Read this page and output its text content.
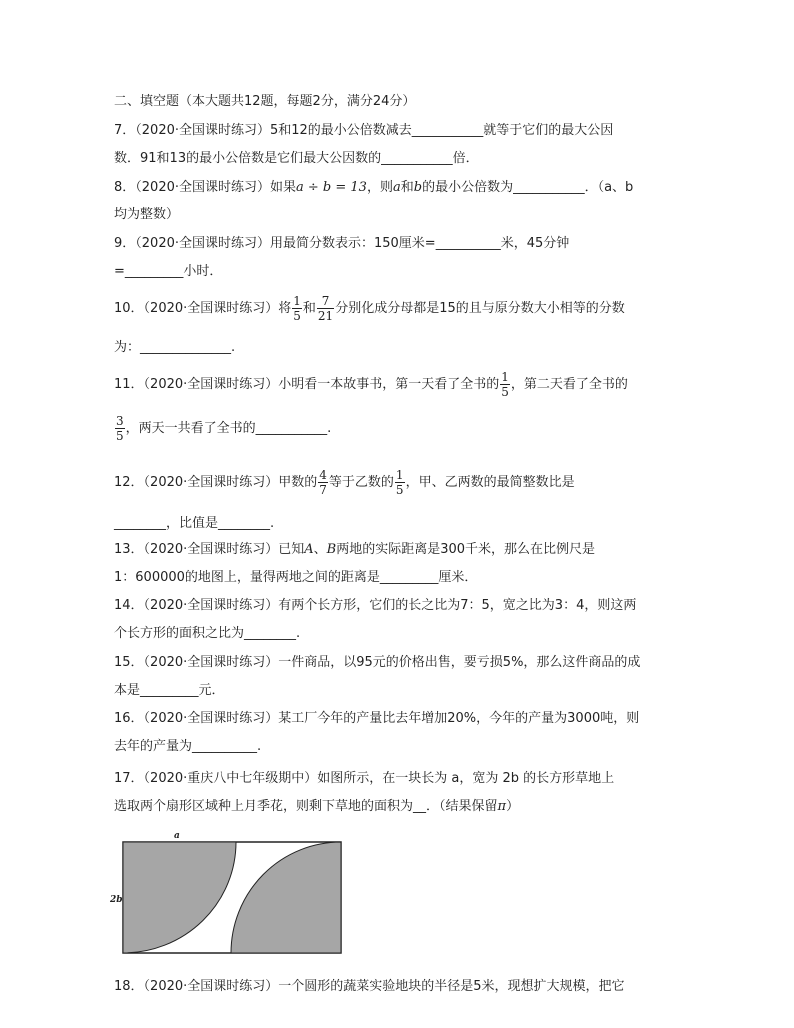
二、填空题（本大题共12题，每题2分，满分24分）
7．（2020·全国课时练习）5和12的最小公倍数减去___________就等于它们的最大公因
数．91和13的最小公倍数是它们最大公因数的___________倍．
8．（2020·全国课时练习）如果a ÷ b = 13，则a和b的最小公倍数为___________．（a、b
均为整数）
9．（2020·全国课时练习）用最简分数表示：150厘米=__________米，45分钟
=_________小时．
10．（2020·全国课时练习）将 $\frac{1}{5}$ 和 $\frac{7}{21}$ 分别化成分母都是15的且与原分数大小相等的分数
为：______________.
11．（2020·全国课时练习）小明看一本故事书，第一天看了全书的 $\frac{1}{5}$ ，第二天看了全书的
$\frac{3}{5}$ ，两天一共看了全书的___________.
12．（2020·全国课时练习）甲数的 $\frac{4}{7}$ 等于乙数的 $\frac{1}{5}$ ，甲、乙两数的最简整数比是
________，比值是________.
13．（2020·全国课时练习）已知A、B两地的实际距离是300千米，那么在比例尺是
1：600000的地图上，量得两地之间的距离是_________厘米．
14．（2020·全国课时练习）有两个长方形，它们的长之比为7：5，宽之比为3：4，则这两
个长方形的面积之比为________.
15．（2020·全国课时练习）一件商品，以95元的价格出售，要亏损5%，那么这件商品的成
本是_________元．
16．（2020·全国课时练习）某工厂今年的产量比去年增加20%，今年的产量为3000吨，则
去年的产量为__________.
17．（2020·重庆八中七年级期中）如图所示，在一块长为 a，宽为 2b 的长方形草地上
选取两个扇形区域种上月季花，则剩下草地的面积为__．（结果保留π）
a
2b
18．（2020·全国课时练习）一个圆形的蔬菜实验地块的半径是5米，现想扩大规模，把它
